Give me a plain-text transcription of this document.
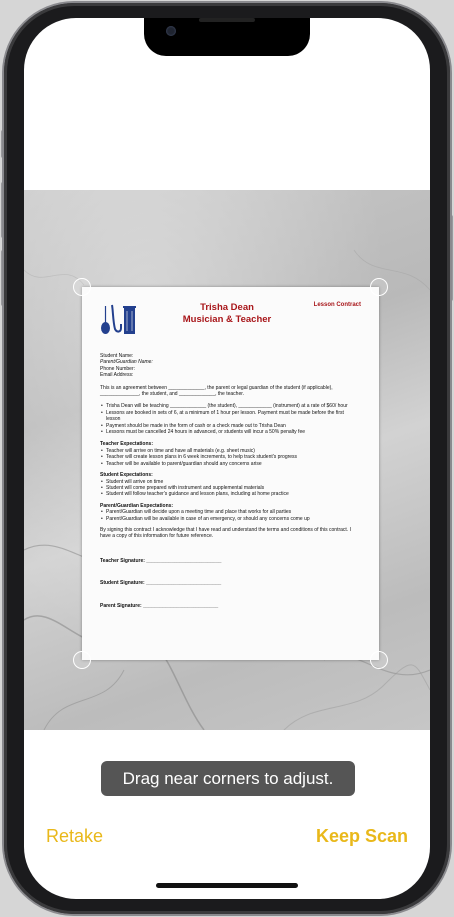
Trisha Dean
Musician & Teacher
Lesson Contract

Student Name:

Parent/Guardian Name:

Phone Number:

Email Address:

This is an agreement between _____________, the parent or legal guardian of the student (if applicable), ______________, the student, and _____________, the teacher.

• Trisha Dean will be teaching _____________ (the student), ____________ (instrument) at a rate of $60/ hour

• Lessons are booked in sets of 6, at a minimum of 1 hour per lesson. Payment must be made before the first lesson

• Payment should be made in the form of cash or a check made out to Trisha Dean

• Lessons must be cancelled 24 hours in advanced, or students will incur a 50% penalty fee

Teacher Expectations:

• Teacher will arrive on time and have all materials (e.g. sheet music)

• Teacher will create lesson plans in 6 week increments, to help track student's progress

• Teacher will be available to parent/guardian should any concerns arise

Student Expectations:

• Student will arrive on time

• Student will come prepared with instrument and supplemental materials

• Student will follow teacher's guidance and lesson plans, including at home practice

Parent/Guardian Expectations:

• Parent/Guardian will decide upon a meeting time and place that works for all parties

• Parent/Guardian will be available in case of an emergency, or should any concerns come up

By signing this contract I acknowledge that I have read and understand the terms and conditions of this contract. I have a copy of this information for future reference.

Teacher Signature: ___________________________

Student Signature: ___________________________

Parent Signature: ___________________________

Drag near corners to adjust.
Retake	Keep Scan
